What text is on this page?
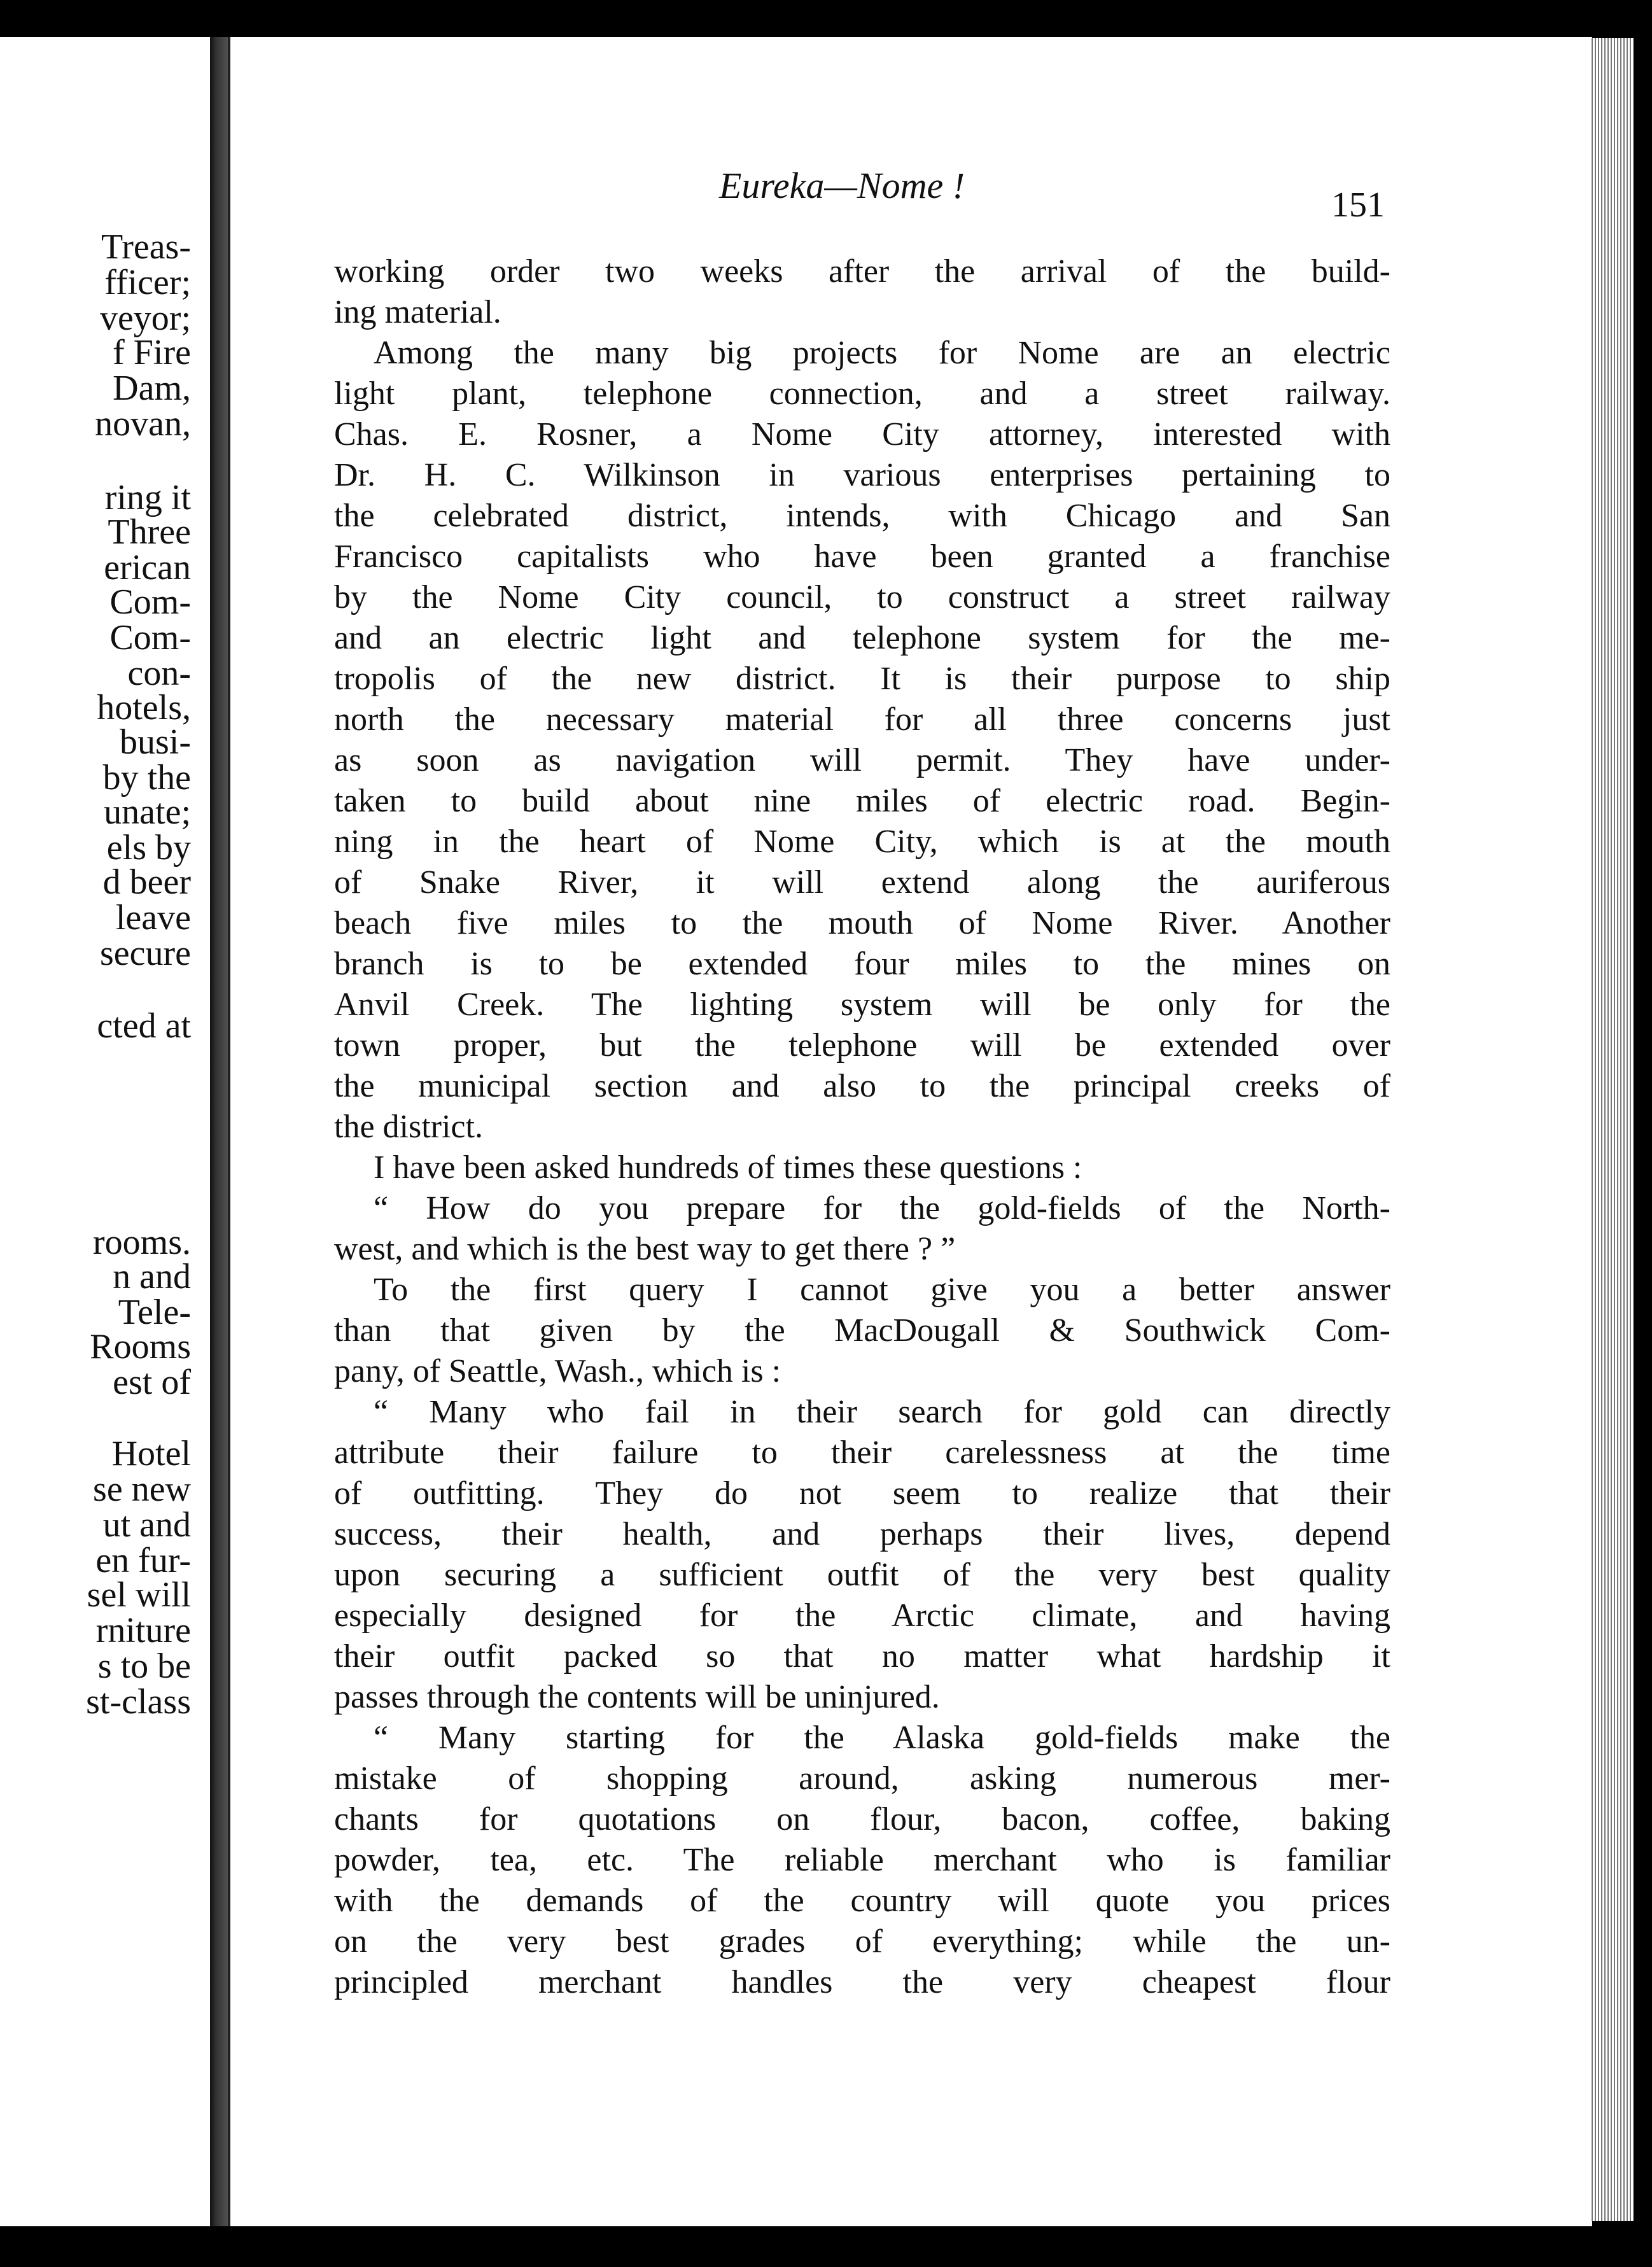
Treas-
fficer;
veyor;
f Fire
Dam,
novan,
ring it
Three
erican
Com-
Com-
con-
hotels,
busi-
by the
unate;
els by
d beer
leave
secure
cted at
rooms.
n and
Tele-
Rooms
est of
Hotel
se new
ut and
en fur-
sel will
rniture
s to be
st-class
Eureka—Nome !	151
working order two weeks after the arrival of the build-
ing material.
Among the many big projects for Nome are an electric
light plant, telephone connection, and a street railway.
Chas. E. Rosner, a Nome City attorney, interested with
Dr. H. C. Wilkinson in various enterprises pertaining to
the celebrated district, intends, with Chicago and San
Francisco capitalists who have been granted a franchise
by the Nome City council, to construct a street railway
and an electric light and telephone system for the me-
tropolis of the new district. It is their purpose to ship
north the necessary material for all three concerns just
as soon as navigation will permit. They have under-
taken to build about nine miles of electric road. Begin-
ning in the heart of Nome City, which is at the mouth
of Snake River, it will extend along the auriferous
beach five miles to the mouth of Nome River. Another
branch is to be extended four miles to the mines on
Anvil Creek. The lighting system will be only for the
town proper, but the telephone will be extended over
the municipal section and also to the principal creeks of
the district.
I have been asked hundreds of times these questions :
“ How do you prepare for the gold-fields of the North-
west, and which is the best way to get there ? ”
To the first query I cannot give you a better answer
than that given by the MacDougall & Southwick Com-
pany, of Seattle, Wash., which is :
“ Many who fail in their search for gold can directly
attribute their failure to their carelessness at the time
of outfitting. They do not seem to realize that their
success, their health, and perhaps their lives, depend
upon securing a sufficient outfit of the very best quality
especially designed for the Arctic climate, and having
their outfit packed so that no matter what hardship it
passes through the contents will be uninjured.
“ Many starting for the Alaska gold-fields make the
mistake of shopping around, asking numerous mer-
chants for quotations on flour, bacon, coffee, baking
powder, tea, etc. The reliable merchant who is familiar
with the demands of the country will quote you prices
on the very best grades of everything; while the un-
principled merchant handles the very cheapest flour
